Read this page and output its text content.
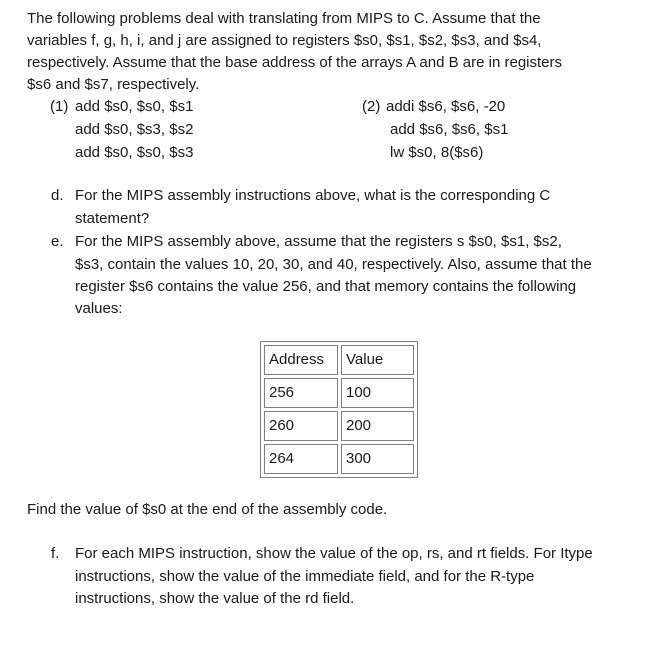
The following problems deal with translating from MIPS to C. Assume that the
variables f, g, h, i, and j are assigned to registers $s0, $s1, $s2, $s3, and $s4,
respectively. Assume that the base address of the arrays A and B are in registers
$s6 and $s7, respectively.
(1) add $s0, $s0, $s1
add $s0, $s3, $s2
add $s0, $s0, $s3
(2) addi $s6, $s6, -20
add $s6, $s6, $s1
lw $s0, 8($s6)
d. For the MIPS assembly instructions above, what is the corresponding C
statement?
e. For the MIPS assembly above, assume that the registers s $s0, $s1, $s2,
$s3, contain the values 10, 20, 30, and 40, respectively. Also, assume that the
register $s6 contains the value 256, and that memory contains the following
values:
Address	Value
256	100
260	200
264	300
Find the value of $s0 at the end of the assembly code.
f. For each MIPS instruction, show the value of the op, rs, and rt fields. For Itype
instructions, show the value of the immediate field, and for the R-type
instructions, show the value of the rd field.
